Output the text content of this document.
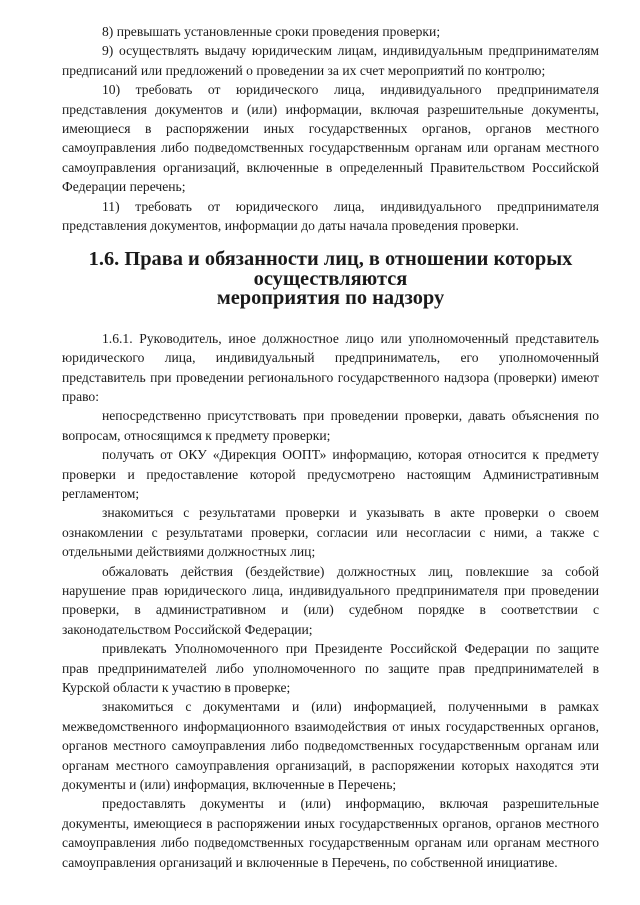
8) превышать установленные сроки проведения проверки;

9) осуществлять выдачу юридическим лицам, индивидуальным предпринимателям предписаний или предложений о проведении за их счет мероприятий по контролю;

10) требовать от юридического лица, индивидуального предпринимателя представления документов и (или) информации, включая разрешительные документы, имеющиеся в распоряжении иных государственных органов, органов местного самоуправления либо подведомственных государственным органам или органам местного самоуправления организаций, включенные в определенный Правительством Российской Федерации перечень;

11) требовать от юридического лица, индивидуального предпринимателя представления документов, информации до даты начала проведения проверки.

1.6. Права и обязанности лиц, в отношении которых осуществляются
мероприятия по надзору

1.6.1. Руководитель, иное должностное лицо или уполномоченный представитель юридического лица, индивидуальный предприниматель, его уполномоченный представитель при проведении регионального государственного надзора (проверки) имеют право:

непосредственно присутствовать при проведении проверки, давать объяснения по вопросам, относящимся к предмету проверки;

получать от ОКУ «Дирекция ООПТ» информацию, которая относится к предмету проверки и предоставление которой предусмотрено настоящим Административным регламентом;

знакомиться с результатами проверки и указывать в акте проверки о своем ознакомлении с результатами проверки, согласии или несогласии с ними, а также с отдельными действиями должностных лиц;

обжаловать действия (бездействие) должностных лиц, повлекшие за собой нарушение прав юридического лица, индивидуального предпринимателя при проведении проверки, в административном и (или) судебном порядке в соответствии с законодательством Российской Федерации;

привлекать Уполномоченного при Президенте Российской Федерации по защите прав предпринимателей либо уполномоченного по защите прав предпринимателей в Курской области к участию в проверке;

знакомиться с документами и (или) информацией, полученными в рамках межведомственного информационного взаимодействия от иных государственных органов, органов местного самоуправления либо подведомственных государственным органам или органам местного самоуправления организаций, в распоряжении которых находятся эти документы и (или) информация, включенные в Перечень;

предоставлять документы и (или) информацию, включая разрешительные документы, имеющиеся в распоряжении иных государственных органов, органов местного самоуправления либо подведомственных государственным органам или органам местного самоуправления организаций и включенные в Перечень, по собственной инициативе.
